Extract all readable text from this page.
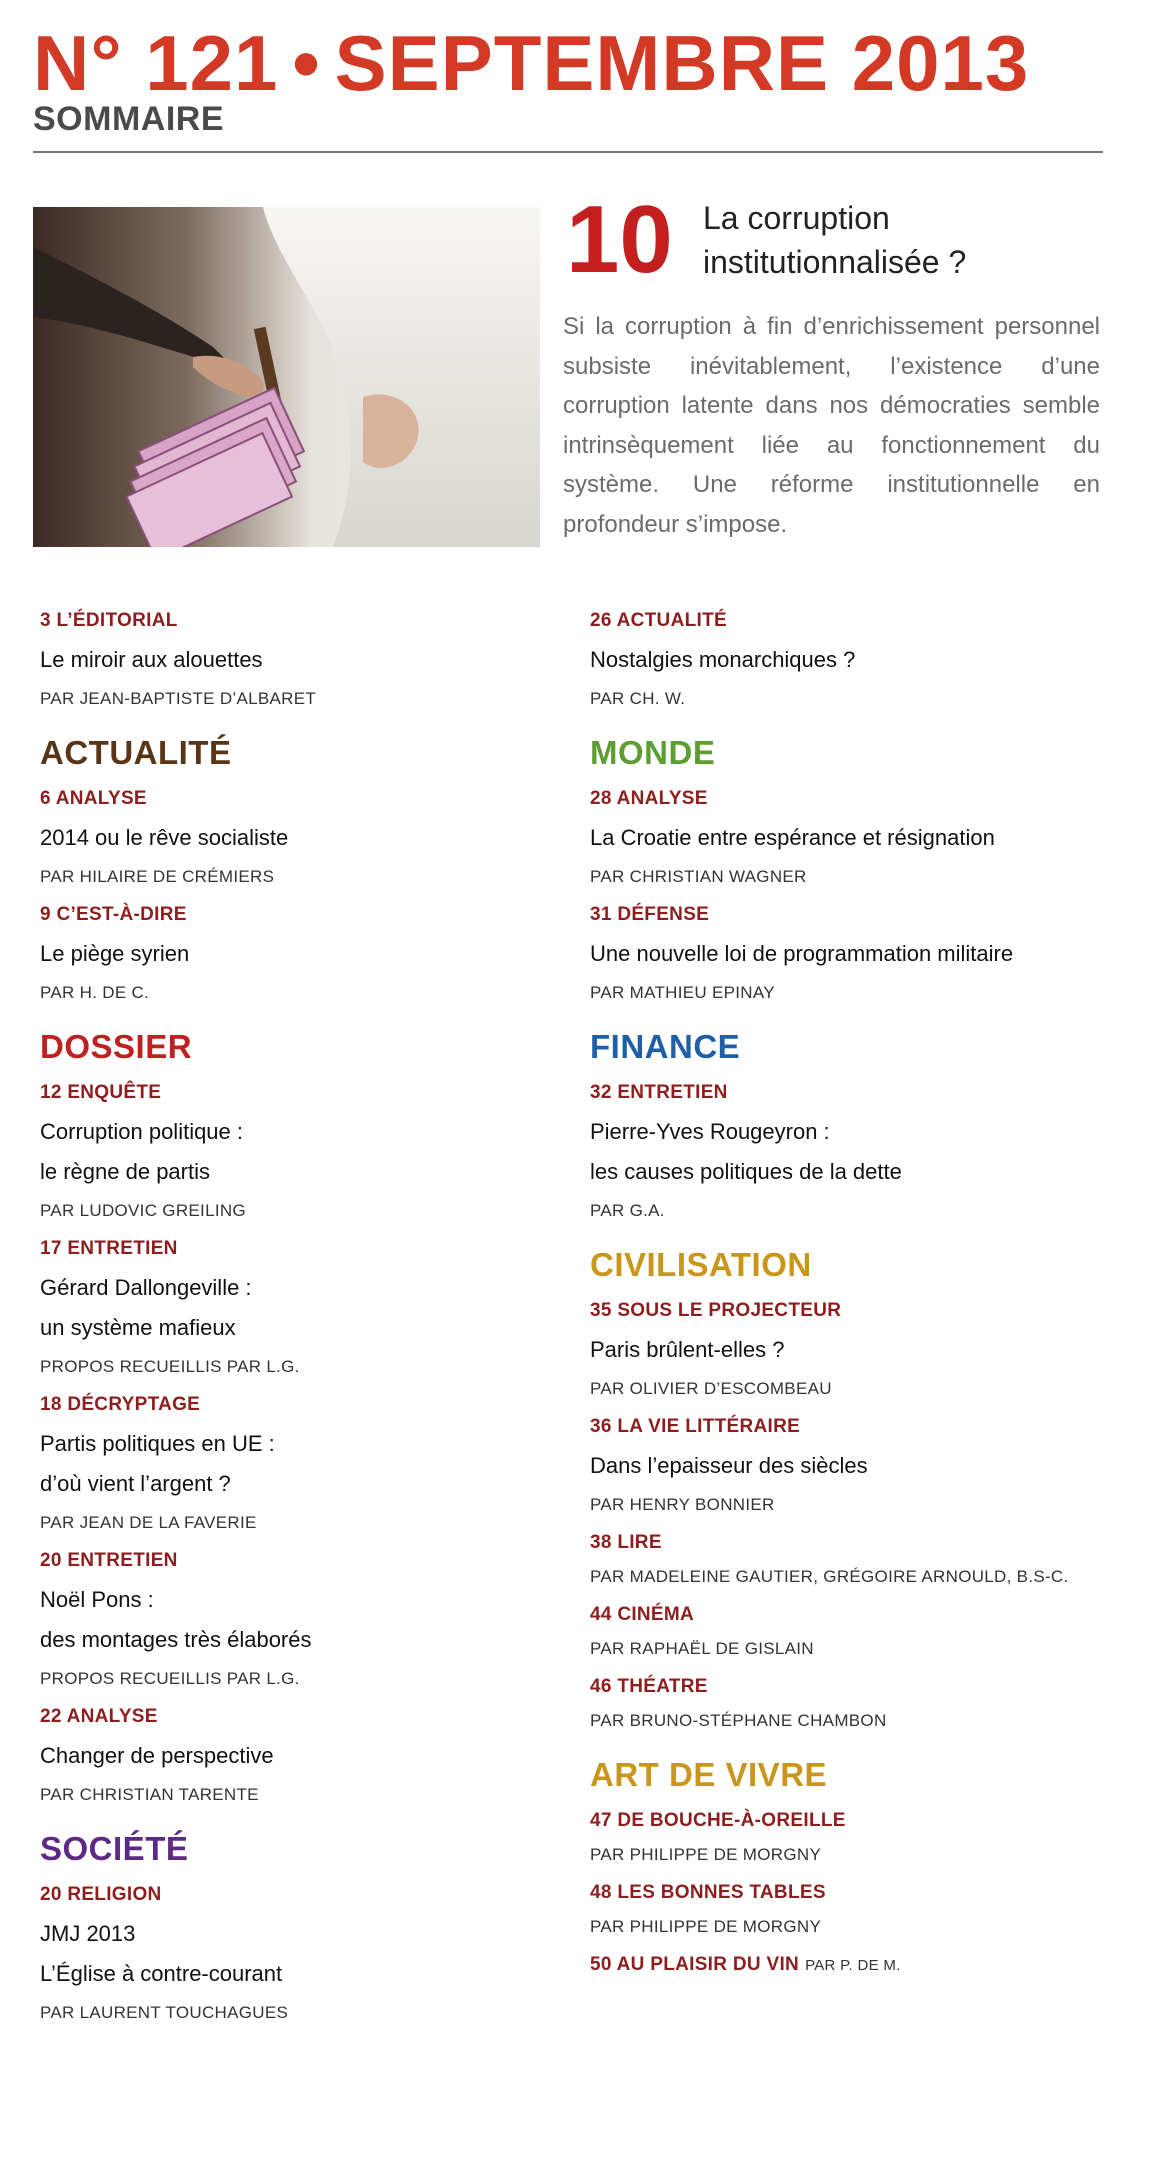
N° 121 • SEPTEMBRE 2013
SOMMAIRE
10 La corruption institutionnalisée ?
Si la corruption à fin d’enrichissement personnel subsiste inévitablement, l’existence d’une corruption latente dans nos démocraties semble intrinsèquement liée au fonctionnement du système. Une réforme institutionnelle en profondeur s’impose.
3 L’ÉDITORIAL
Le miroir aux alouettes
PAR JEAN-BAPTISTE D’ALBARET
ACTUALITÉ
6 ANALYSE
2014 ou le rêve socialiste
PAR HILAIRE DE CRÉMIERS
9 C’EST-À-DIRE
Le piège syrien
PAR H. DE C.
DOSSIER
12 ENQUÊTE
Corruption politique :
le règne de partis
PAR LUDOVIC GREILING
17 ENTRETIEN
Gérard Dallongeville :
un système mafieux
PROPOS RECUEILLIS PAR L.G.
18 DÉCRYPTAGE
Partis politiques en UE :
d’où vient l’argent ?
PAR JEAN DE LA FAVERIE
20 ENTRETIEN
Noël Pons :
des montages très élaborés
PROPOS RECUEILLIS PAR L.G.
22 ANALYSE
Changer de perspective
PAR CHRISTIAN TARENTE
SOCIÉTÉ
20 RELIGION
JMJ 2013
L’Église à contre-courant
PAR LAURENT TOUCHAGUES
26 ACTUALITÉ
Nostalgies monarchiques ?
PAR CH. W.
MONDE
28 ANALYSE
La Croatie entre espérance et résignation
PAR CHRISTIAN WAGNER
31 DÉFENSE
Une nouvelle loi de programmation militaire
PAR MATHIEU EPINAY
FINANCE
32 ENTRETIEN
Pierre-Yves Rougeyron :
les causes politiques de la dette
PAR G.A.
CIVILISATION
35 SOUS LE PROJECTEUR
Paris brûlent-elles ?
PAR OLIVIER D’ESCOMBEAU
36 LA VIE LITTÉRAIRE
Dans l’epaisseur des siècles
PAR HENRY BONNIER
38 LIRE
PAR MADELEINE GAUTIER, GRÉGOIRE ARNOULD, B.S-C.
44 CINÉMA
PAR RAPHAËL DE GISLAIN
46 THÉATRE
PAR BRUNO-STÉPHANE CHAMBON
ART DE VIVRE
47 DE BOUCHE-À-OREILLE
PAR PHILIPPE DE MORGNY
48 LES BONNES TABLES
PAR PHILIPPE DE MORGNY
50 AU PLAISIR DU VIN PAR P. DE M.
